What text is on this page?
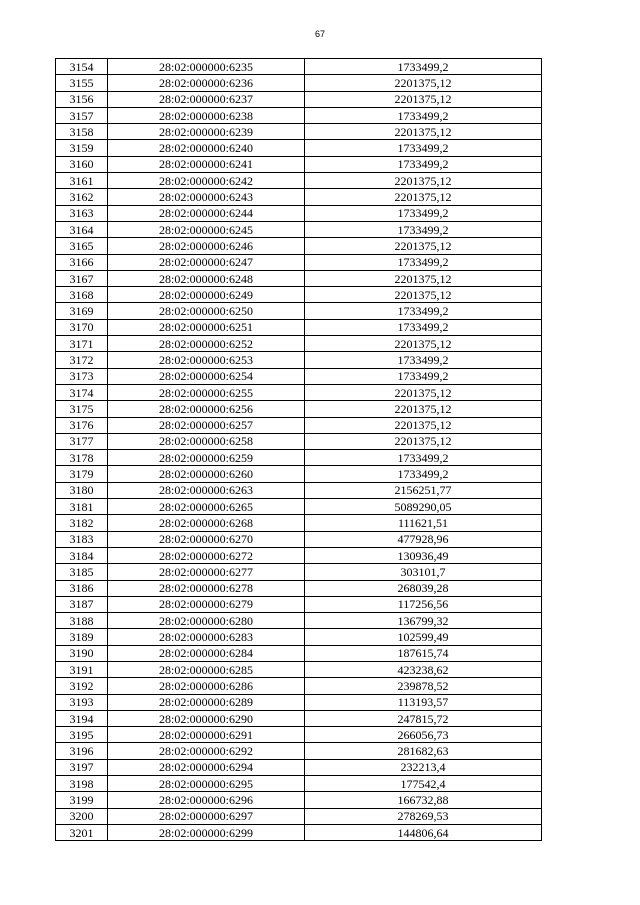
67
3154	28:02:000000:6235	1733499,2
3155	28:02:000000:6236	2201375,12
3156	28:02:000000:6237	2201375,12
3157	28:02:000000:6238	1733499,2
3158	28:02:000000:6239	2201375,12
3159	28:02:000000:6240	1733499,2
3160	28:02:000000:6241	1733499,2
3161	28:02:000000:6242	2201375,12
3162	28:02:000000:6243	2201375,12
3163	28:02:000000:6244	1733499,2
3164	28:02:000000:6245	1733499,2
3165	28:02:000000:6246	2201375,12
3166	28:02:000000:6247	1733499,2
3167	28:02:000000:6248	2201375,12
3168	28:02:000000:6249	2201375,12
3169	28:02:000000:6250	1733499,2
3170	28:02:000000:6251	1733499,2
3171	28:02:000000:6252	2201375,12
3172	28:02:000000:6253	1733499,2
3173	28:02:000000:6254	1733499,2
3174	28:02:000000:6255	2201375,12
3175	28:02:000000:6256	2201375,12
3176	28:02:000000:6257	2201375,12
3177	28:02:000000:6258	2201375,12
3178	28:02:000000:6259	1733499,2
3179	28:02:000000:6260	1733499,2
3180	28:02:000000:6263	2156251,77
3181	28:02:000000:6265	5089290,05
3182	28:02:000000:6268	111621,51
3183	28:02:000000:6270	477928,96
3184	28:02:000000:6272	130936,49
3185	28:02:000000:6277	303101,7
3186	28:02:000000:6278	268039,28
3187	28:02:000000:6279	117256,56
3188	28:02:000000:6280	136799,32
3189	28:02:000000:6283	102599,49
3190	28:02:000000:6284	187615,74
3191	28:02:000000:6285	423238,62
3192	28:02:000000:6286	239878,52
3193	28:02:000000:6289	113193,57
3194	28:02:000000:6290	247815,72
3195	28:02:000000:6291	266056,73
3196	28:02:000000:6292	281682,63
3197	28:02:000000:6294	232213,4
3198	28:02:000000:6295	177542,4
3199	28:02:000000:6296	166732,88
3200	28:02:000000:6297	278269,53
3201	28:02:000000:6299	144806,64
